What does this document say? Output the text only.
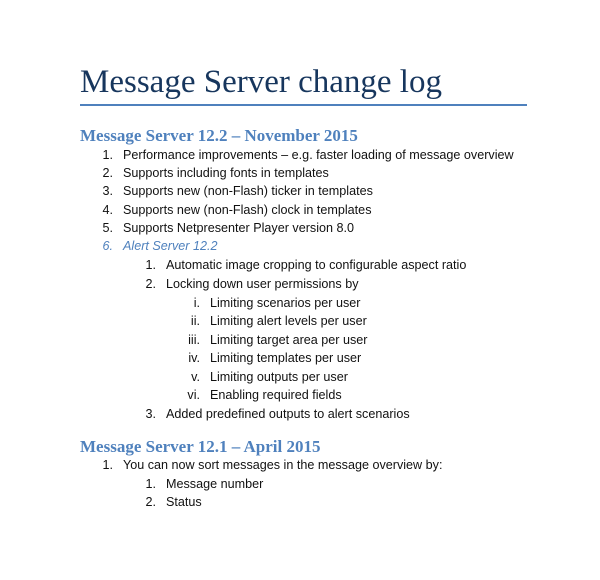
Message Server change log
Message Server 12.2 – November 2015
1. Performance improvements – e.g. faster loading of message overview
2. Supports including fonts in templates
3. Supports new (non-Flash) ticker in templates
4. Supports new (non-Flash) clock in templates
5. Supports Netpresenter Player version 8.0
6. Alert Server 12.2
1. Automatic image cropping to configurable aspect ratio
2. Locking down user permissions by
i. Limiting scenarios per user
ii. Limiting alert levels per user
iii. Limiting target area per user
iv. Limiting templates per user
v. Limiting outputs per user
vi. Enabling required fields
3. Added predefined outputs to alert scenarios
Message Server 12.1 – April 2015
1. You can now sort messages in the message overview by:
1. Message number
2. Status
